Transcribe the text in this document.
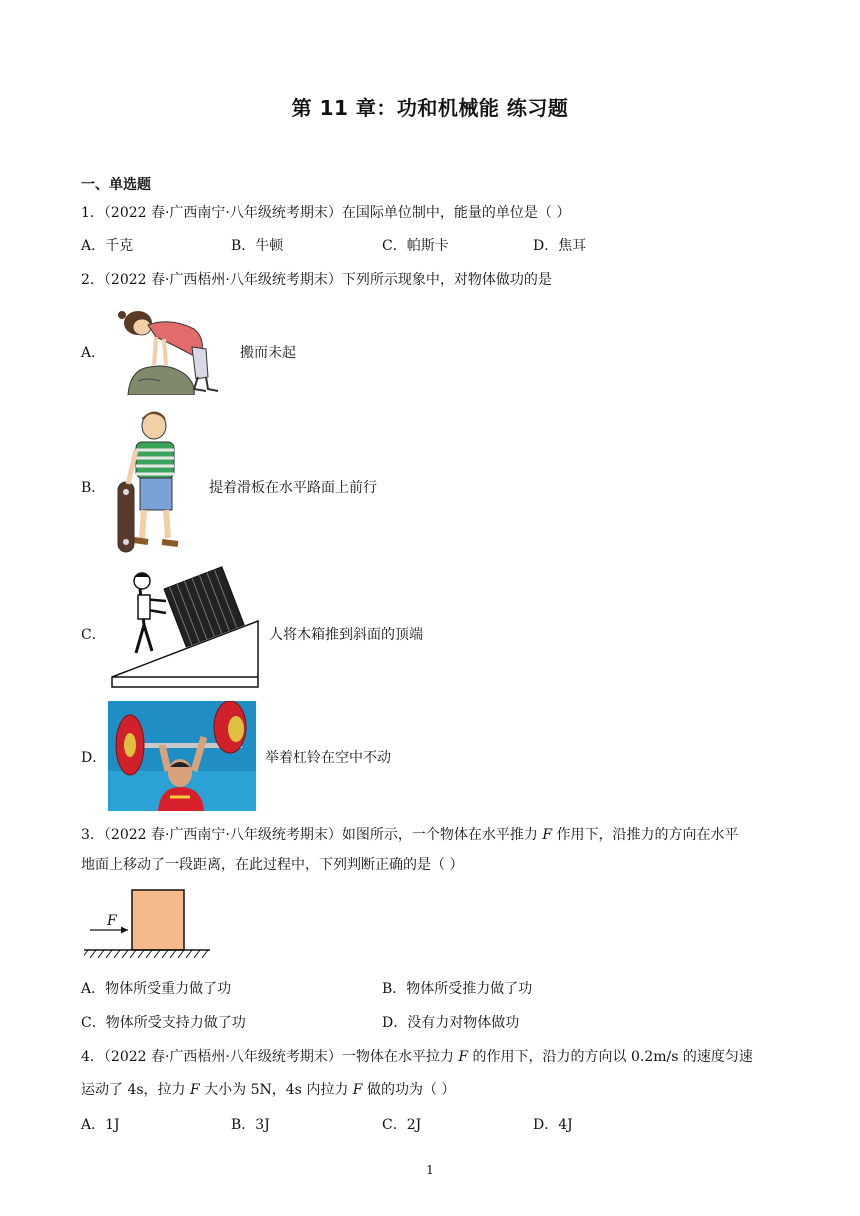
第 11 章：功和机械能 练习题
一、单选题
1．（2022 春·广西南宁·八年级统考期末）在国际单位制中，能量的单位是（ ）
A．千克	B．牛顿	C．帕斯卡	D．焦耳
2．（2022 春·广西梧州·八年级统考期末）下列所示现象中，对物体做功的是
A．	搬而未起
B．	提着滑板在水平路面上前行
C．	人将木箱推到斜面的顶端
D．	举着杠铃在空中不动
3．（2022 春·广西南宁·八年级统考期末）如图所示，一个物体在水平推力 F 作用下，沿推力的方向在水平
地面上移动了一段距离，在此过程中，下列判断正确的是（ ）
F
A．物体所受重力做了功	B．物体所受推力做了功
C．物体所受支持力做了功	D．没有力对物体做功
4．（2022 春·广西梧州·八年级统考期末）一物体在水平拉力 F 的作用下，沿力的方向以 0.2m/s 的速度匀速
运动了 4s，拉力 F 大小为 5N，4s 内拉力 F 做的功为（ ）
A．1J	B．3J	C．2J	D．4J
1
